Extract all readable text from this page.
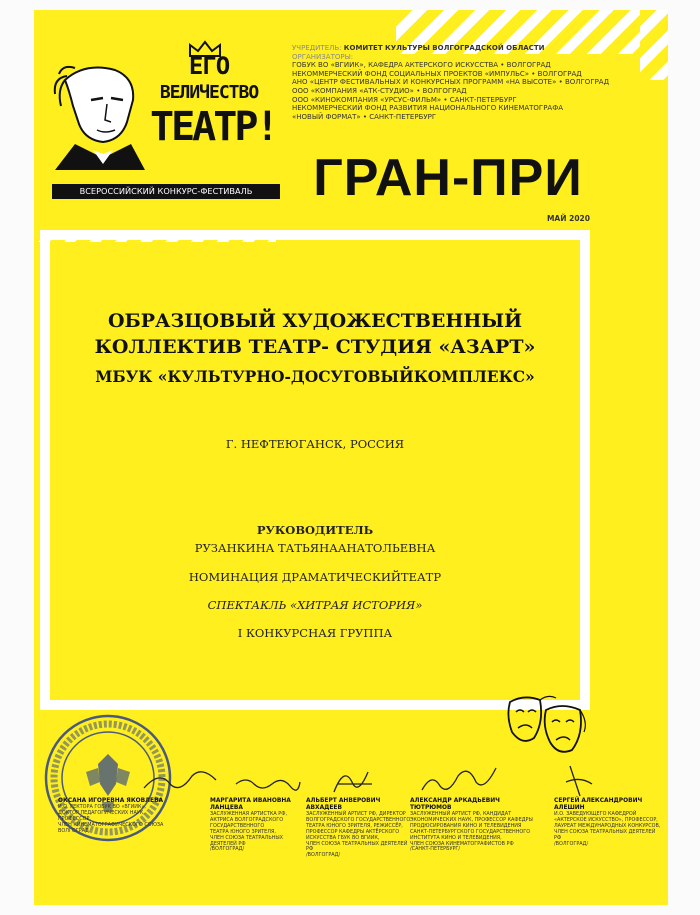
УЧРЕДИТЕЛЬ: КОМИТЕТ КУЛЬТУРЫ ВОЛГОГРАДСКОЙ ОБЛАСТИ
ОРГАНИЗАТОРЫ:
ГОБУК ВО «ВГИИК», КАФЕДРА АКТЕРСКОГО ИСКУССТВА • ВОЛГОГРАД
НЕКОММЕРЧЕСКИЙ ФОНД СОЦИАЛЬНЫХ ПРОЕКТОВ «ИМПУЛЬС» • ВОЛГОГРАД
АНО «ЦЕНТР ФЕСТИВАЛЬНЫХ И КОНКУРСНЫХ ПРОГРАММ «НА ВЫСОТЕ» • ВОЛГОГРАД
ООО «КОМПАНИЯ «АТК-СТУДИО» • ВОЛГОГРАД
ООО «КИНОКОМПАНИЯ «УРСУС-ФИЛЬМ» • САНКТ-ПЕТЕРБУРГ
НЕКОММЕРЧЕСКИЙ ФОНД РАЗВИТИЯ НАЦИОНАЛЬНОГО КИНЕМАТОГРАФА
«НОВЫЙ ФОРМАТ» • САНКТ-ПЕТЕРБУРГ
ЕГО
ВЕЛИЧЕСТВО
ТЕАТР!
ВСЕРОССИЙСКИЙ КОНКУРС-ФЕСТИВАЛЬ	ГРАН-ПРИ
МАЙ 2020
ОБРАЗЦОВЫЙ ХУДОЖЕСТВЕННЫЙ
КОЛЛЕКТИВ ТЕАТР- СТУДИЯ «АЗАРТ»
МБУК «КУЛЬТУРНО-ДОСУГОВЫЙКОМПЛЕКС»
Г. НЕФТЕЮГАНСК, РОССИЯ
РУКОВОДИТЕЛЬ
РУЗАНКИНА ТАТЬЯНААНАТОЛЬЕВНА
НОМИНАЦИЯ ДРАМАТИЧЕСКИЙТЕАТР
СПЕКТАКЛЬ «ХИТРАЯ ИСТОРИЯ»
I КОНКУРСНАЯ ГРУППА
ОКСАНА ИГОРЕВНА ЯКОВЛЕВА
И.О. РЕКТОРА ГОБУК ВО «ВГИИК»,
ДОКТОР ПЕДАГОГИЧЕСКИХ НАУК, ПРОФЕССОР,
ЧЛЕН КИНЕМАТОГРАФИЧЕСКОГО СОЮЗА
ВОЛГОГРАД
МАРГАРИТА ИВАНОВНА ЛАНЦЕВА
ЗАСЛУЖЕННАЯ АРТИСТКА РФ,
АКТРИСА ВОЛГОГРАДСКОГО
ГОСУДАРСТВЕННОГО
ТЕАТРА ЮНОГО ЗРИТЕЛЯ,
ЧЛЕН СОЮЗА ТЕАТРАЛЬНЫХ
ДЕЯТЕЛЕЙ РФ
/ВОЛГОГРАД/
АЛЬБЕРТ АНВЕРОВИЧ АВХАДЕЕВ
ЗАСЛУЖЕННЫЙ АРТИСТ РФ, ДИРЕКТОР
ВОЛГОГРАДСКОГО ГОСУДАРСТВЕННОГО
ТЕАТРА ЮНОГО ЗРИТЕЛЯ, РЕЖИССЁР,
ПРОФЕССОР КАФЕДРЫ АКТЁРСКОГО
ИСКУССТВА ГБУК ВО ВГИИК,
ЧЛЕН СОЮЗА ТЕАТРАЛЬНЫХ ДЕЯТЕЛЕЙ РФ
/ВОЛГОГРАД/
АЛЕКСАНДР АРКАДЬЕВИЧ ТЮТРЮМОВ
ЗАСЛУЖЕННЫЙ АРТИСТ РФ, КАНДИДАТ
ЭКОНОМИЧЕСКИХ НАУК, ПРОФЕССОР КАФЕДРЫ
ПРОДЮСИРОВАНИЯ КИНО И ТЕЛЕВИДЕНИЯ
САНКТ-ПЕТЕРБУРГСКОГО ГОСУДАРСТВЕННОГО
ИНСТИТУТА КИНО И ТЕЛЕВИДЕНИЯ,
ЧЛЕН СОЮЗА КИНЕМАТОГРАФИСТОВ РФ
/САНКТ-ПЕТЕРБУРГ/
СЕРГЕЙ АЛЕКСАНДРОВИЧ АЛЕШИН
И.О. ЗАВЕДУЮЩЕГО КАФЕДРОЙ
«АКТЕРСКОЕ ИСКУССТВО», ПРОФЕССОР,
ЛАУРЕАТ МЕЖДУНАРОДНЫХ КОНКУРСОВ,
ЧЛЕН СОЮЗА ТЕАТРАЛЬНЫХ ДЕЯТЕЛЕЙ РФ
/ВОЛГОГРАД/
